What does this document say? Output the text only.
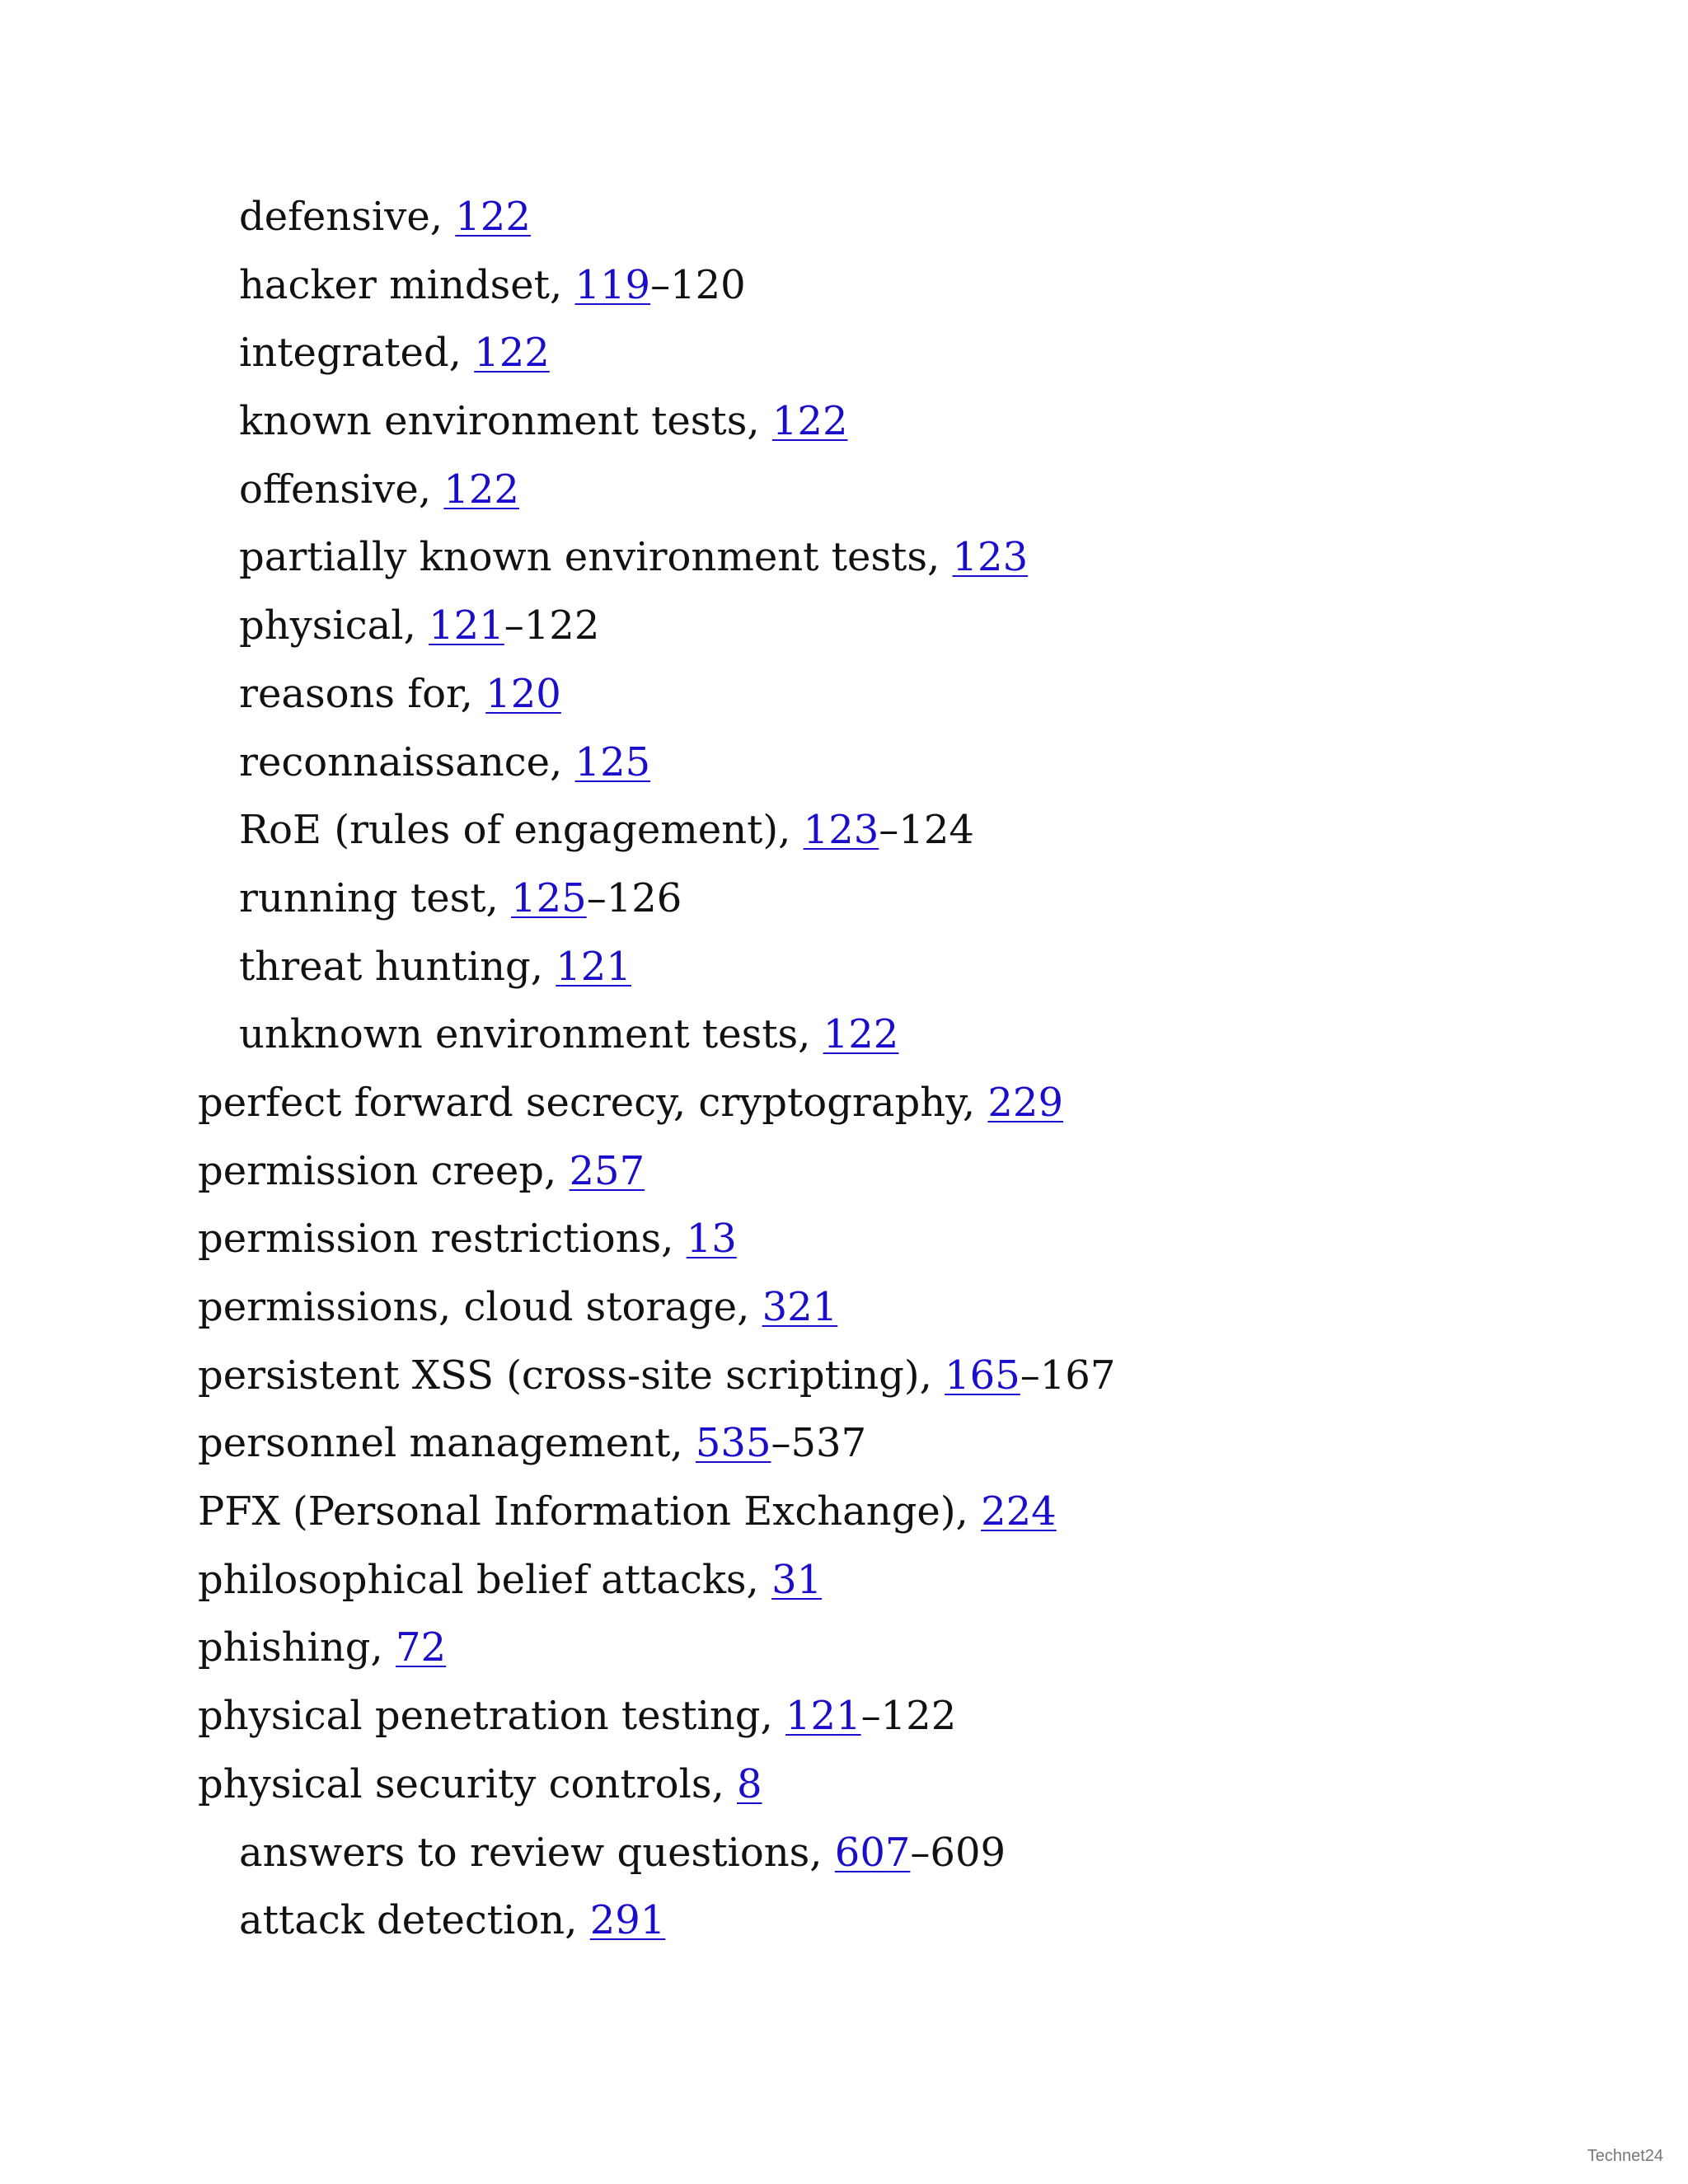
defensive, 122
hacker mindset, 119–120
integrated, 122
known environment tests, 122
offensive, 122
partially known environment tests, 123
physical, 121–122
reasons for, 120
reconnaissance, 125
RoE (rules of engagement), 123–124
running test, 125–126
threat hunting, 121
unknown environment tests, 122
perfect forward secrecy, cryptography, 229
permission creep, 257
permission restrictions, 13
permissions, cloud storage, 321
persistent XSS (cross-site scripting), 165–167
personnel management, 535–537
PFX (Personal Information Exchange), 224
philosophical belief attacks, 31
phishing, 72
physical penetration testing, 121–122
physical security controls, 8
answers to review questions, 607–609
attack detection, 291
Technet24
